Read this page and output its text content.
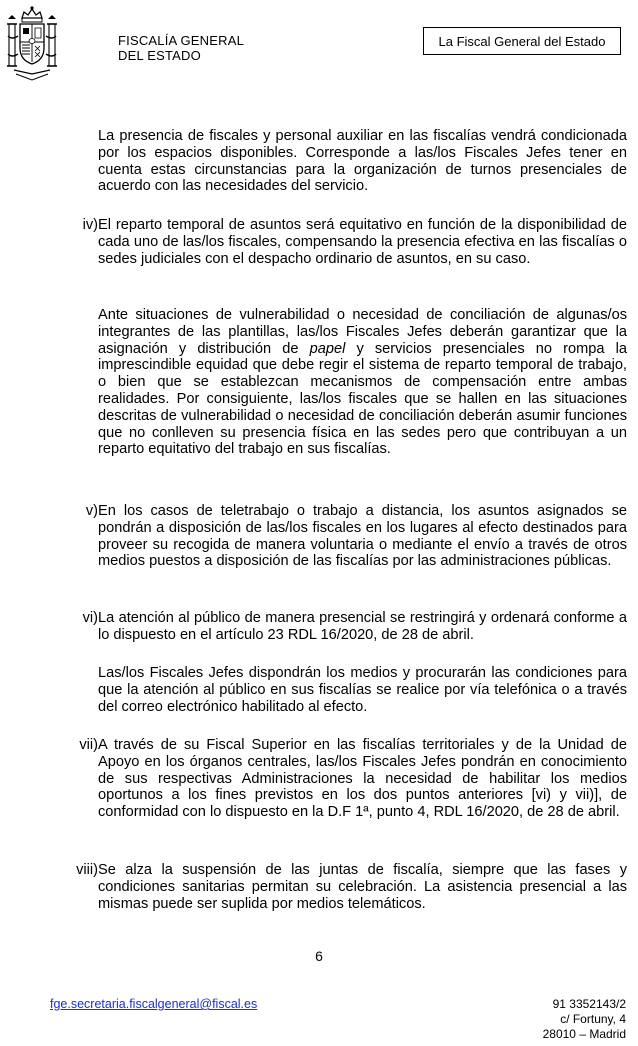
FISCALÍA GENERAL
DEL ESTADO
La Fiscal General del Estado
La presencia de fiscales y personal auxiliar en las fiscalías vendrá condicionada por los espacios disponibles. Corresponde a las/los Fiscales Jefes tener en cuenta estas circunstancias para la organización de turnos presenciales de acuerdo con las necesidades del servicio.
iv) El reparto temporal de asuntos será equitativo en función de la disponibilidad de cada uno de las/los fiscales, compensando la presencia efectiva en las fiscalías o sedes judiciales con el despacho ordinario de asuntos, en su caso.
Ante situaciones de vulnerabilidad o necesidad de conciliación de algunas/os integrantes de las plantillas, las/los Fiscales Jefes deberán garantizar que la asignación y distribución de papel y servicios presenciales no rompa la imprescindible equidad que debe regir el sistema de reparto temporal de trabajo, o bien que se establezcan mecanismos de compensación entre ambas realidades. Por consiguiente, las/los fiscales que se hallen en las situaciones descritas de vulnerabilidad o necesidad de conciliación deberán asumir funciones que no conlleven su presencia física en las sedes pero que contribuyan a un reparto equitativo del trabajo en sus fiscalías.
v) En los casos de teletrabajo o trabajo a distancia, los asuntos asignados se pondrán a disposición de las/los fiscales en los lugares al efecto destinados para proveer su recogida de manera voluntaria o mediante el envío a través de otros medios puestos a disposición de las fiscalías por las administraciones públicas.
vi) La atención al público de manera presencial se restringirá y ordenará conforme a lo dispuesto en el artículo 23 RDL 16/2020, de 28 de abril.
Las/los Fiscales Jefes dispondrán los medios y procurarán las condiciones para que la atención al público en sus fiscalías se realice por vía telefónica o a través del correo electrónico habilitado al efecto.
vii) A través de su Fiscal Superior en las fiscalías territoriales y de la Unidad de Apoyo en los órganos centrales, las/los Fiscales Jefes pondrán en conocimiento de sus respectivas Administraciones la necesidad de habilitar los medios oportunos a los fines previstos en los dos puntos anteriores [vi) y vii)], de conformidad con lo dispuesto en la D.F 1ª, punto 4, RDL 16/2020, de 28 de abril.
viii) Se alza la suspensión de las juntas de fiscalía, siempre que las fases y condiciones sanitarias permitan su celebración. La asistencia presencial a las mismas puede ser suplida por medios telemáticos.
6
fge.secretaria.fiscalgeneral@fiscal.es	91 3352143/2
c/ Fortuny, 4
28010 – Madrid
